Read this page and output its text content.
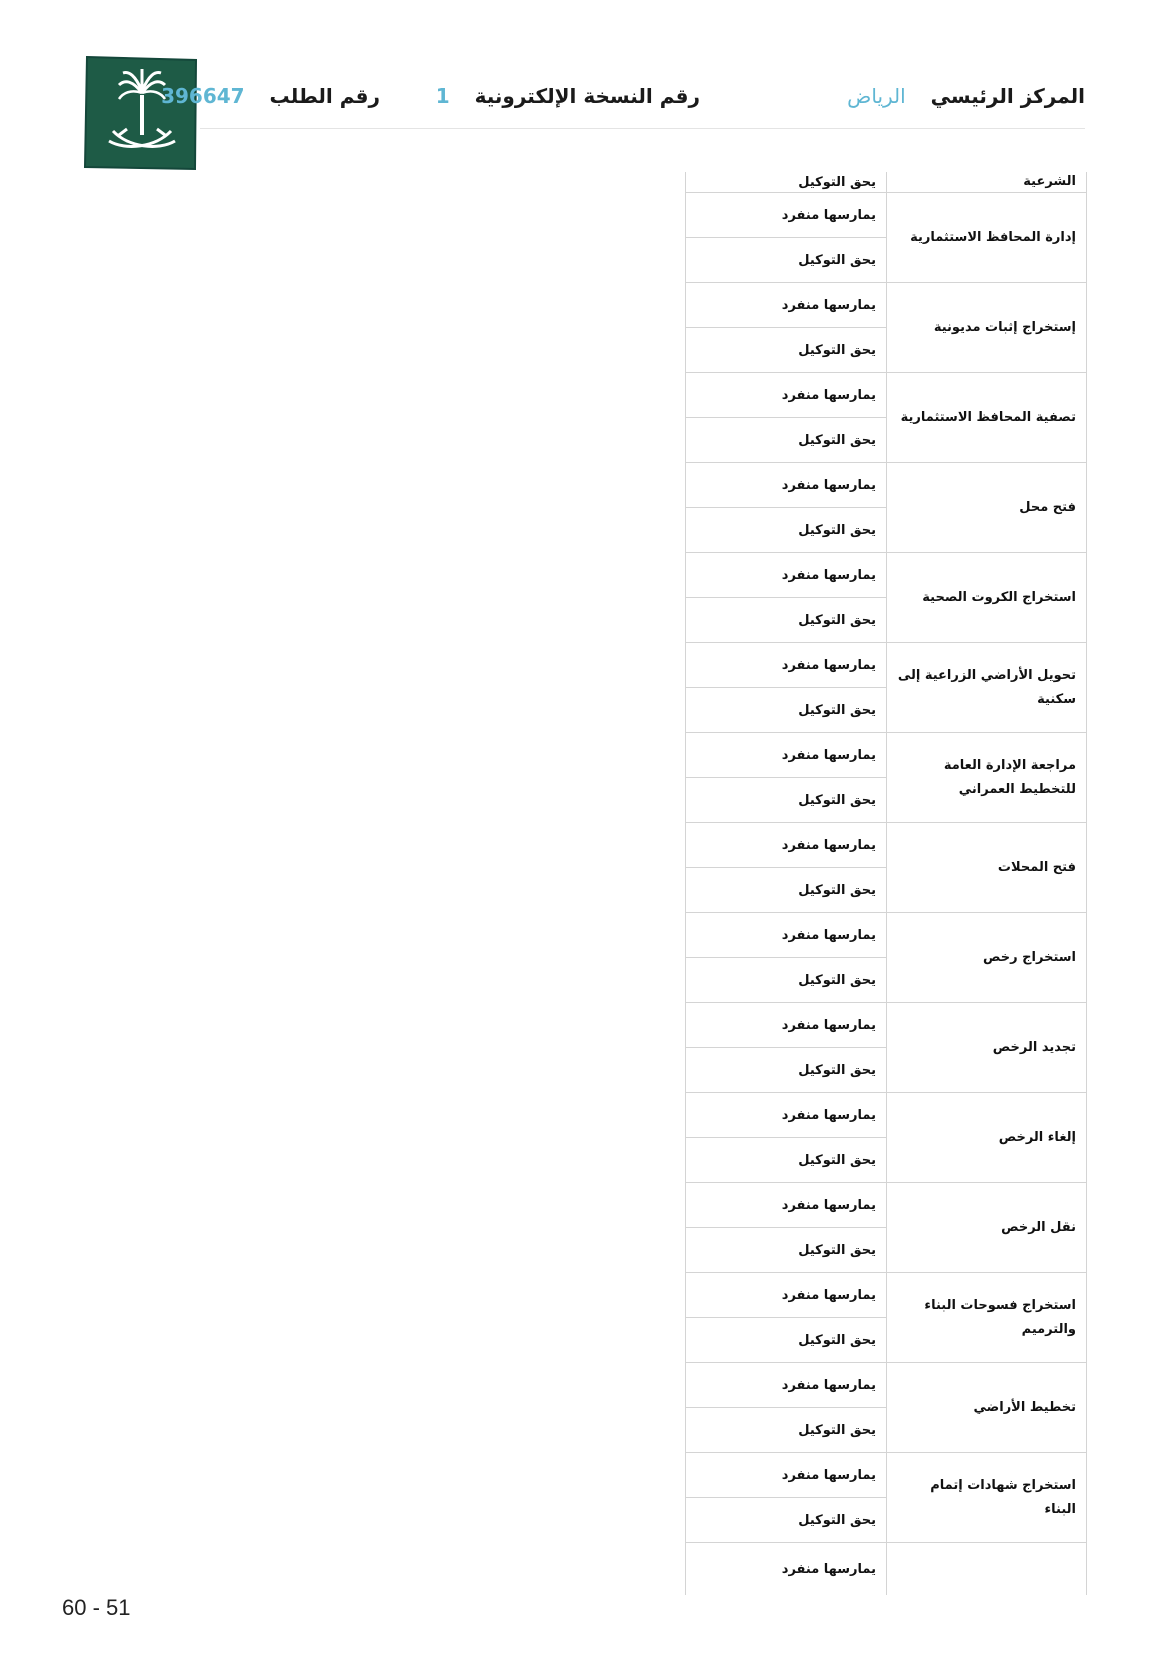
المركز الرئيسي الرياض
رقم النسخة الإلكترونية 1
رقم الطلب 396647
الشرعية
يحق التوكيل
إدارة المحافظ الاستثمارية
يمارسها منفرد
يحق التوكيل
إستخراج إثبات مديونية
يمارسها منفرد
يحق التوكيل
تصفية المحافظ الاستثمارية
يمارسها منفرد
يحق التوكيل
فتح محل
يمارسها منفرد
يحق التوكيل
استخراج الكروت الصحية
يمارسها منفرد
يحق التوكيل
تحويل الأراضي الزراعية إلى سكنية
يمارسها منفرد
يحق التوكيل
مراجعة الإدارة العامة للتخطيط العمراني
يمارسها منفرد
يحق التوكيل
فتح المحلات
يمارسها منفرد
يحق التوكيل
استخراج رخص
يمارسها منفرد
يحق التوكيل
تجديد الرخص
يمارسها منفرد
يحق التوكيل
إلغاء الرخص
يمارسها منفرد
يحق التوكيل
نقل الرخص
يمارسها منفرد
يحق التوكيل
استخراج فسوحات البناء والترميم
يمارسها منفرد
يحق التوكيل
تخطيط الأراضي
يمارسها منفرد
يحق التوكيل
استخراج شهادات إتمام البناء
يمارسها منفرد
يحق التوكيل
يمارسها منفرد
60 - 51
